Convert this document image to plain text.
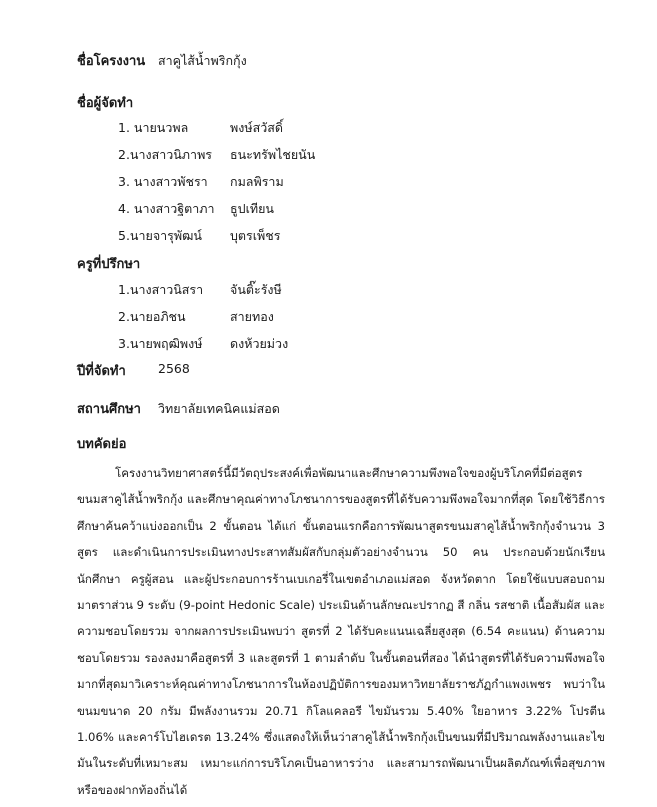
ชื่อโครงงาน สาคูไส้น้ำพริกกุ้ง
ชื่อผู้จัดทำ
1. นายนวพล	พงษ์สวัสดิ์
2.นางสาวนิภาพร ธนะทรัพไชยนัน
3. นางสาวพัชรา กมลพิราม
4. นางสาวฐิตาภา ธูปเทียน
5.นายจารุพัฒน์ บุตรเพ็ชร
ครูที่ปรึกษา
1.นางสาวนิสรา จันติ๊ะรังษี
2.นายอภิชน	สายทอง
3.นายพฤฒิพงษ์ ดงห้วยม่วง
ปีที่จัดทำ	2568
สถานศึกษา วิทยาลัยเทคนิคแม่สอด
บทคัดย่อ

โครงงานวิทยาศาสตร์นี้มีวัตถุประสงค์เพื่อพัฒนาและศึกษาความพึงพอใจของผู้บริโภคที่มีต่อสูตรขนมสาคูไส้น้ำพริกกุ้ง และศึกษาคุณค่าทางโภชนาการของสูตรที่ได้รับความพึงพอใจมากที่สุด โดยใช้วิธีการศึกษาค้นคว้าแบ่งออกเป็น 2 ขั้นตอน ได้แก่ ขั้นตอนแรกคือการพัฒนาสูตรขนมสาคูไส้น้ำพริกกุ้งจำนวน 3 สูตร และดำเนินการประเมินทางประสาทสัมผัสกับกลุ่มตัวอย่างจำนวน 50 คน ประกอบด้วยนักเรียน นักศึกษา ครูผู้สอน และผู้ประกอบการร้านเบเกอรี่ในเขตอำเภอแม่สอด จังหวัดตาก โดยใช้แบบสอบถามมาตราส่วน 9 ระดับ (9-point Hedonic Scale) ประเมินด้านลักษณะปรากฏ สี กลิ่น รสชาติ เนื้อสัมผัส และความชอบโดยรวม จากผลการประเมินพบว่า สูตรที่ 2 ได้รับคะแนนเฉลี่ยสูงสุด (6.54 คะแนน) ด้านความชอบโดยรวม รองลงมาคือสูตรที่ 3 และสูตรที่ 1 ตามลำดับ ในขั้นตอนที่สอง ได้นำสูตรที่ได้รับความพึงพอใจมากที่สุดมาวิเคราะห์คุณค่าทางโภชนาการในห้องปฏิบัติการของมหาวิทยาลัยราชภัฏกำแพงเพชร พบว่าในขนมขนาด 20 กรัม มีพลังงานรวม 20.71 กิโลแคลอรี ไขมันรวม 5.40% ใยอาหาร 3.22% โปรตีน 1.06% และคาร์โบไฮเดรต 13.24% ซึ่งแสดงให้เห็นว่าสาคูไส้น้ำพริกกุ้งเป็นขนมที่มีปริมาณพลังงานและไขมันในระดับที่เหมาะสม เหมาะแก่การบริโภคเป็นอาหารว่าง และสามารถพัฒนาเป็นผลิตภัณฑ์เพื่อสุขภาพหรือของฝากท้องถิ่นได้
